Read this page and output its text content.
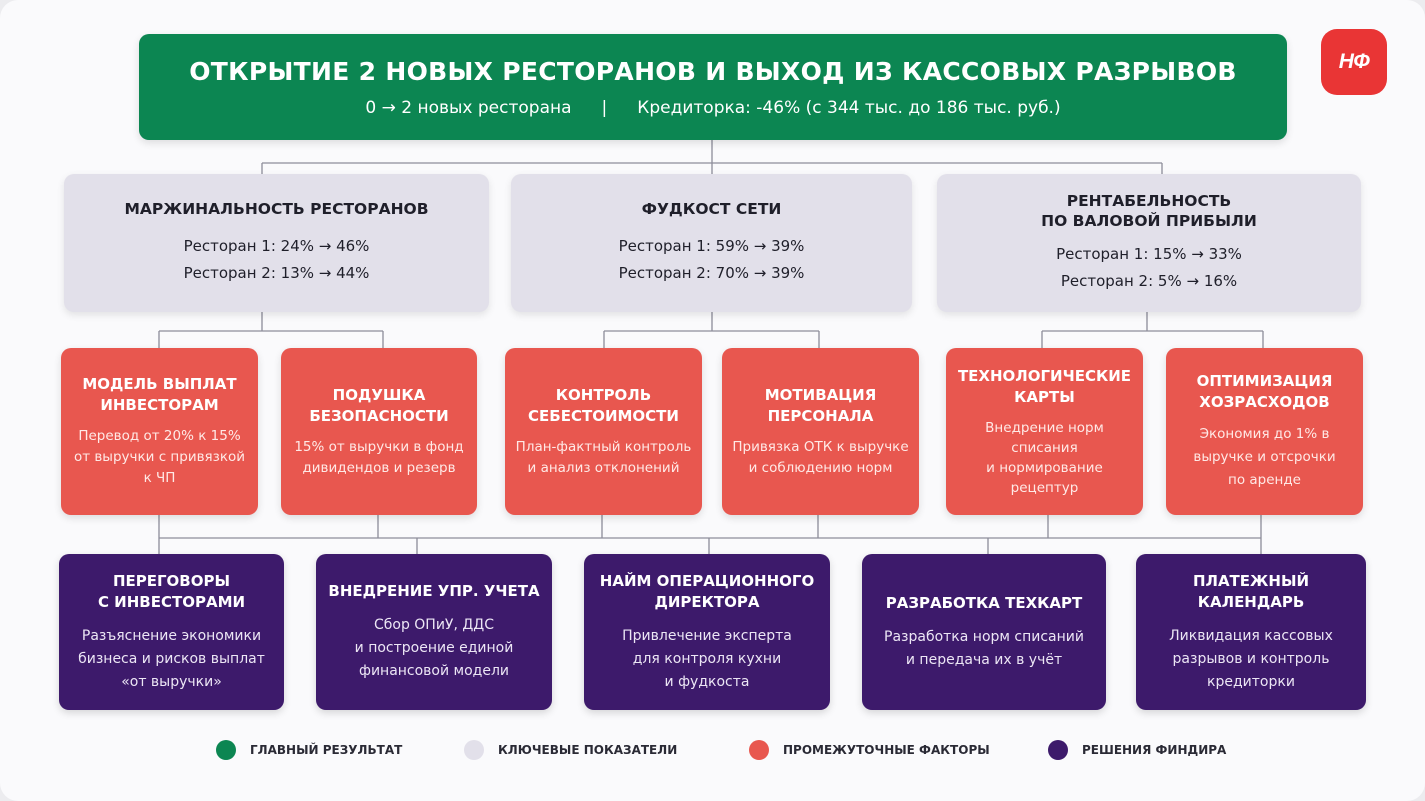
ОТКРЫТИЕ 2 НОВЫХ РЕСТОРАНОВ И ВЫХОД ИЗ КАССОВЫХ РАЗРЫВОВ
0 → 2 новых ресторана | Кредиторка: -46% (с 344 тыс. до 186 тыс. руб.)
НФ
МАРЖИНАЛЬНОСТЬ РЕСТОРАНОВ
Ресторан 1: 24% → 46%
Ресторан 2: 13% → 44%
ФУДКОСТ СЕТИ
Ресторан 1: 59% → 39%
Ресторан 2: 70% → 39%
РЕНТАБЕЛЬНОСТЬ
ПО ВАЛОВОЙ ПРИБЫЛИ
Ресторан 1: 15% → 33%
Ресторан 2: 5% → 16%
МОДЕЛЬ ВЫПЛАТ
ИНВЕСТОРАМ
Перевод от 20% к 15%
от выручки с привязкой
к ЧП
ПОДУШКА
БЕЗОПАСНОСТИ
15% от выручки в фонд
дивидендов и резерв
КОНТРОЛЬ
СЕБЕСТОИМОСТИ
План-фактный контроль
и анализ отклонений
МОТИВАЦИЯ
ПЕРСОНАЛА
Привязка ОТК к выручке
и соблюдению норм
ТЕХНОЛОГИЧЕСКИЕ
КАРТЫ
Внедрение норм
списания
и нормирование
рецептур
ОПТИМИЗАЦИЯ
ХОЗРАСХОДОВ
Экономия до 1% в
выручке и отсрочки
по аренде
ПЕРЕГОВОРЫ
С ИНВЕСТОРАМИ
Разъяснение экономики
бизнеса и рисков выплат
«от выручки»
ВНЕДРЕНИЕ УПР. УЧЕТА
Сбор ОПиУ, ДДС
и построение единой
финансовой модели
НАЙМ ОПЕРАЦИОННОГО
ДИРЕКТОРА
Привлечение эксперта
для контроля кухни
и фудкоста
РАЗРАБОТКА ТЕХКАРТ
Разработка норм списаний
и передача их в учёт
ПЛАТЕЖНЫЙ КАЛЕНДАРЬ
Ликвидация кассовых
разрывов и контроль
кредиторки
ГЛАВНЫЙ РЕЗУЛЬТАТ	КЛЮЧЕВЫЕ ПОКАЗАТЕЛИ	ПРОМЕЖУТОЧНЫЕ ФАКТОРЫ	РЕШЕНИЯ ФИНДИРА
